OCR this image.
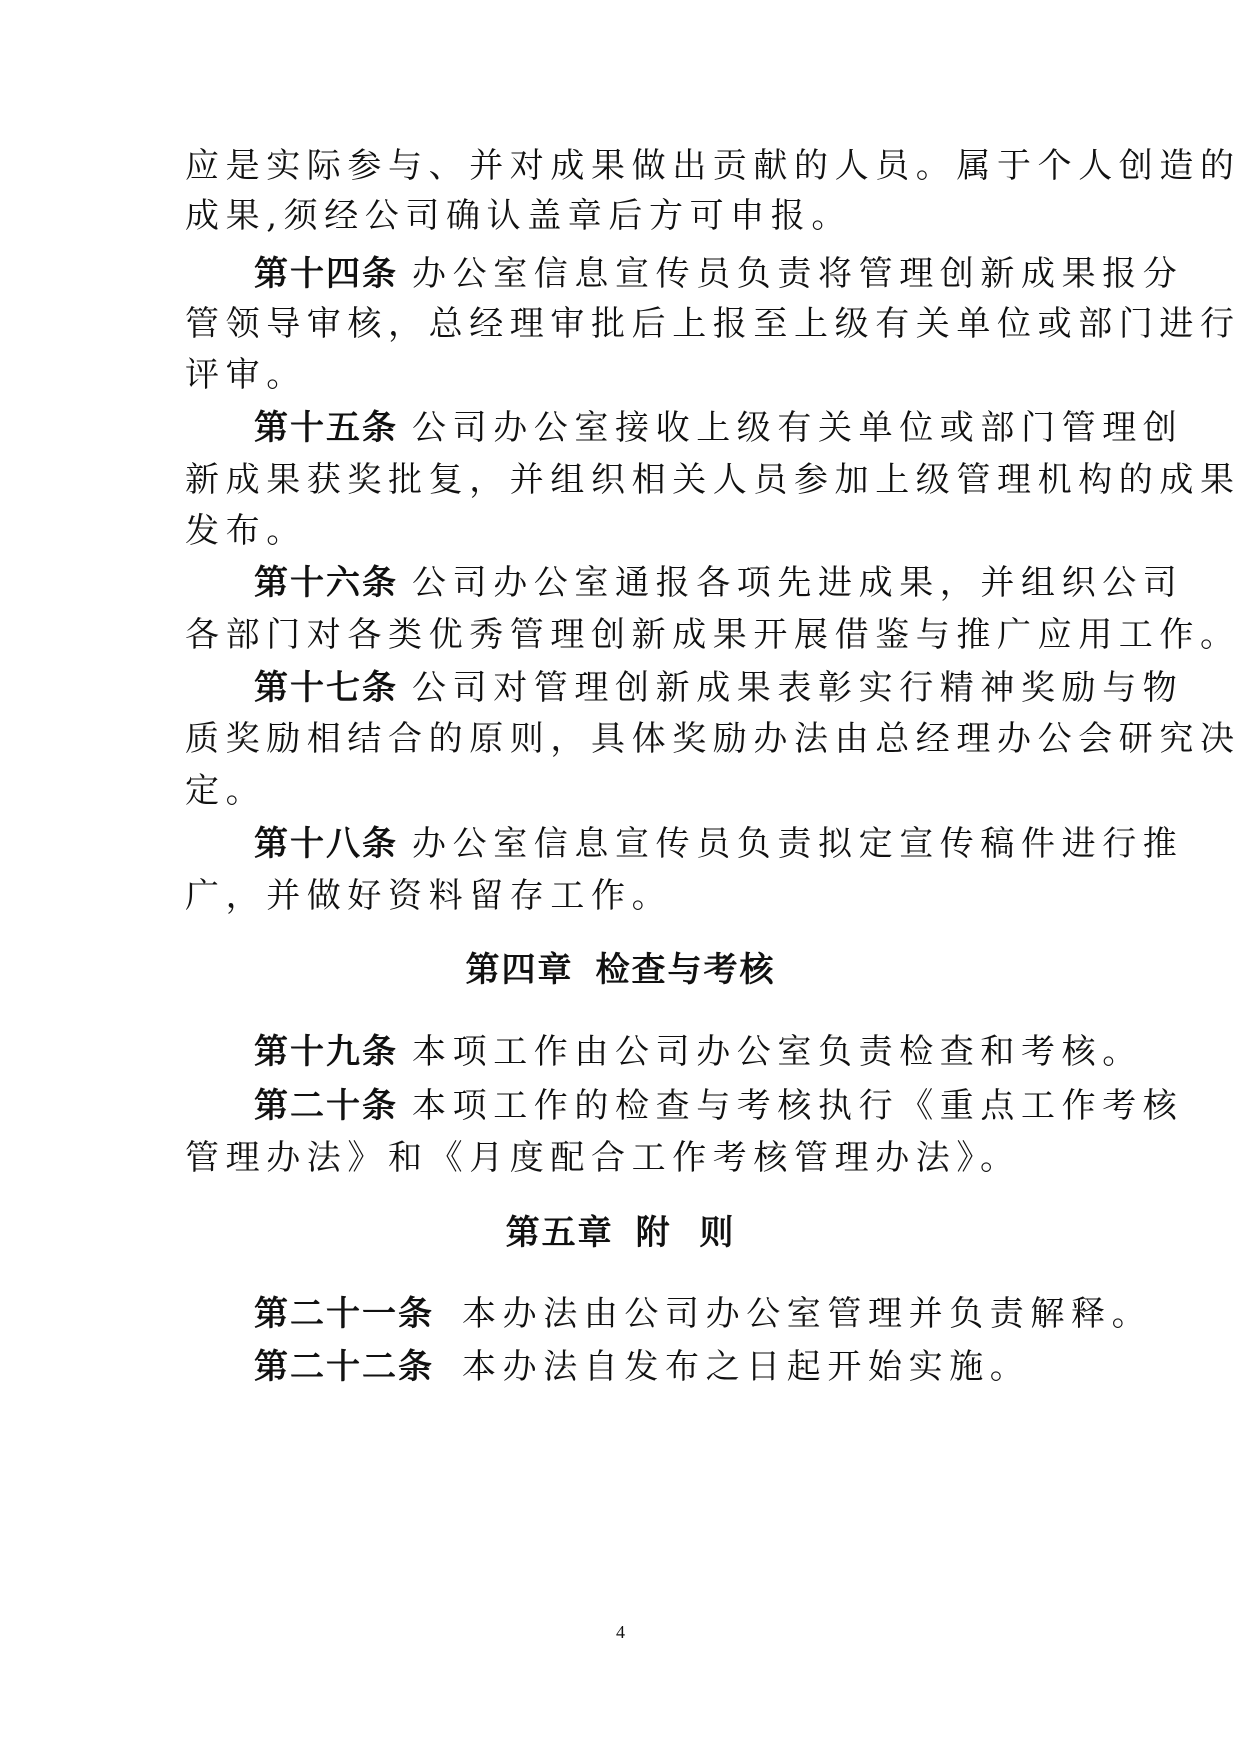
应是实际参与、并对成果做出贡献的人员。属于个人创造的
成果,须经公司确认盖章后方可申报。
第十四条 办公室信息宣传员负责将管理创新成果报分
管领导审核，总经理审批后上报至上级有关单位或部门进行
评审。
第十五条 公司办公室接收上级有关单位或部门管理创
新成果获奖批复，并组织相关人员参加上级管理机构的成果
发布。
第十六条 公司办公室通报各项先进成果，并组织公司
各部门对各类优秀管理创新成果开展借鉴与推广应用工作。
第十七条 公司对管理创新成果表彰实行精神奖励与物
质奖励相结合的原则，具体奖励办法由总经理办公会研究决
定。
第十八条 办公室信息宣传员负责拟定宣传稿件进行推
广，并做好资料留存工作。
第四章 检查与考核
第十九条 本项工作由公司办公室负责检查和考核。
第二十条 本项工作的检查与考核执行《重点工作考核
管理办法》和《月度配合工作考核管理办法》。
第五章 附  则
第二十一条 本办法由公司办公室管理并负责解释。
第二十二条 本办法自发布之日起开始实施。
4
